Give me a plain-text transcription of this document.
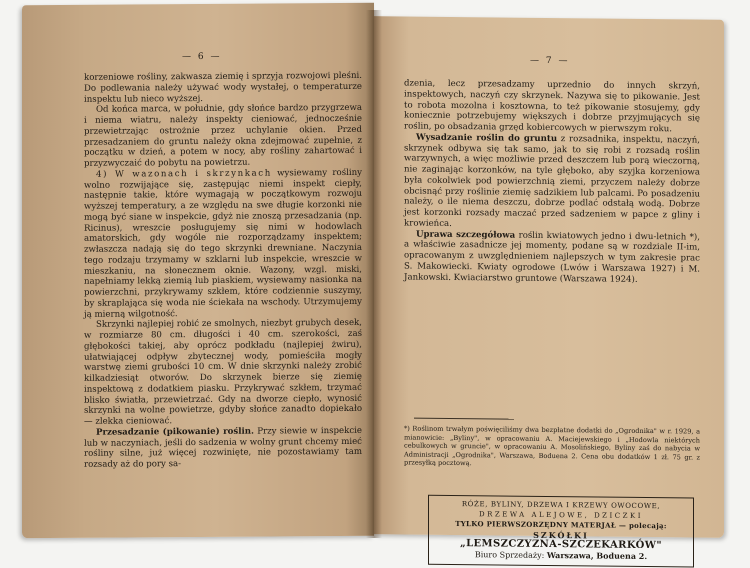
— 6 —

korzeniowe rośliny, zakwasza ziemię i sprzyja rozwojowi pleśni. Do podlewania należy używać wody wystałej, o temperaturze inspektu lub nieco wyższej.

Od końca marca, w południe, gdy słońce bardzo przygrzewa i niema wiatru, należy inspekty cieniować, jednocześnie przewietrzając ostrożnie przez uchylanie okien. Przed przesadzaniem do gruntu należy okna zdejmować zupełnie, z początku w dzień, a potem w nocy, aby rośliny zahartować i przyzwyczaić do pobytu na powietrzu.

4) W wazonach i skrzynkach wysiewamy rośliny wolno rozwijające się, zastępując niemi inspekt ciepły, następnie takie, które wymagają w początkowym rozwoju wyższej temperatury, a ze względu na swe długie korzonki nie mogą być siane w inspekcie, gdyż nie znoszą przesadzania (np. Ricinus), wreszcie posługujemy się nimi w hodowlach amatorskich, gdy wogóle nie rozporządzamy inspektem; zwłaszcza nadają się do tego skrzynki drewniane. Naczynia tego rodzaju trzymamy w szklarni lub inspekcie, wreszcie w mieszkaniu, na słonecznem oknie. Wazony, wzgl. miski, napełniamy lekką ziemią lub piaskiem, wysiewamy nasionka na powierzchni, przykrywamy szkłem, które codziennie suszymy, by skraplająca się woda nie ściekała na wschody. Utrzymujemy ją mierną wilgotność.

Skrzynki najlepiej robić ze smolnych, niezbyt grubych desek, w rozmiarze 80 cm. długości i 40 cm. szerokości, zaś głębokości takiej, aby oprócz podkładu (najlepiej żwiru), ułatwiającej odpływ zbytecznej wody, pomieściła mogły warstwę ziemi grubości 10 cm. W dnie skrzynki należy zrobić kilkadziesiąt otworów. Do skrzynek bierze się ziemię inspektową z dodatkiem piasku. Przykrywać szkłem, trzymać blisko światła, przewietrzać. Gdy na dworze ciepło, wynosić skrzynki na wolne powietrze, gdyby słońce zanadto dopiekało — zlekka cieniować.

Przesadzanie (pikowanie) roślin. Przy siewie w inspekcie lub w naczyniach, jeśli do sadzenia w wolny grunt chcemy mieć rośliny silne, już więcej rozwinięte, nie pozostawiamy tam rozsady aż do pory sa-

— 7 —

dzenia, lecz przesadzamy uprzednio do innych skrzyń, inspektowych, naczyń czy skrzynek. Nazywa się to pikowanie. Jest to robota mozolna i kosztowna, to też pikowanie stosujemy, gdy koniecznie potrzebujemy większych i dobrze przyjmujących się roślin, po obsadzania grzęd kobiercowych w pierwszym roku.

Wysadzanie roślin do gruntu z rozsadnika, inspektu, naczyń, skrzynek odbywa się tak samo, jak to się robi z rozsadą roślin warzywnych, a więc możliwie przed deszczem lub porą wieczorną, nie zaginając korzonków, na tyle głęboko, aby szyjka korzeniowa była cokolwiek pod powierzchnią ziemi, przyczem należy dobrze obcisnąć przy roślinie ziemię sadzikiem lub palcami. Po posadzeniu należy, o ile niema deszczu, dobrze podlać odstałą wodą. Dobrze jest korzonki rozsady maczać przed sadzeniem w papce z gliny i krowieńca.

Uprawa szczegółowa roślin kwiatowych jedno i dwu-letnich *), a właściwie zasadnicze jej momenty, podane są w rozdziale II-im, opracowanym z uwzględnieniem najlepszych w tym zakresie prac S. Makowiecki. Kwiaty ogrodowe (Lwów i Warszawa 1927) i M. Jankowski. Kwiaciarstwo gruntowe (Warszawa 1924).

*) Roślinom trwałym poświęciliśmy dwa bezpłatne dodatki do „Ogrodnika" w r. 1929, a mianowicie: „Byliny", w opracowaniu A. Maciejewskiego i „Hodowla niektórych cebulkowych w gruncie", w opracowaniu A. Mosolińskiego, Byliny zaś do nabycia w Administracji „Ogrodnika", Warszawa, Boduena 2. Cena obu dodatków 1 zł. 75 gr. z przesyłką pocztową.
RÓŻE, BYLINY, DRZEWA I KRZEWY OWOCOWE,
DRZEWA ALEJOWE, DZICZKI
TYLKO PIERWSZORZĘDNY MATERJAŁ — polecają:
SZKÓŁKI
„LEMSZCZYZNA-SZCZEKARKÓW"
Biuro Sprzedaży: Warszawa, Boduena 2.
